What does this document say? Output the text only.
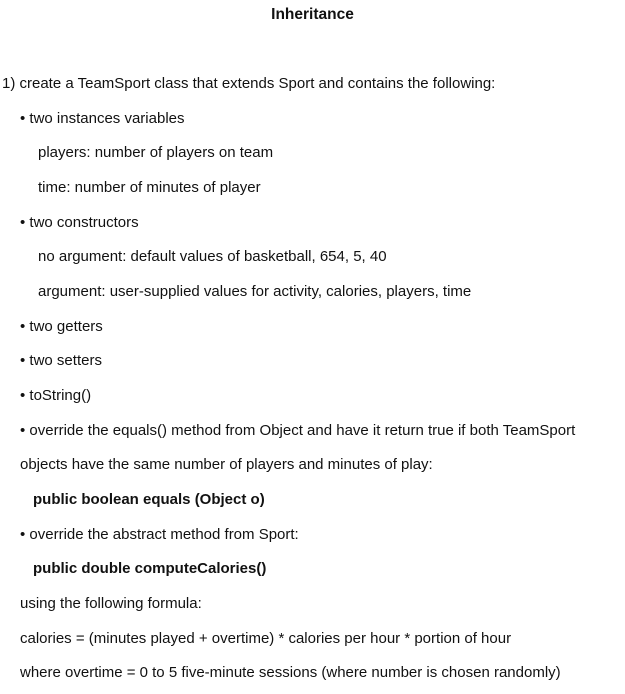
Inheritance
1) create a TeamSport class that extends Sport and contains the following:
• two instances variables
players: number of players on team
time: number of minutes of player
• two constructors
no argument: default values of basketball, 654, 5, 40
argument: user-supplied values for activity, calories, players, time
• two getters
• two setters
• toString()
• override the equals() method from Object and have it return true if both TeamSport
objects have the same number of players and minutes of play:
public boolean equals (Object o)
• override the abstract method from Sport:
public double computeCalories()
using the following formula:
calories = (minutes played + overtime) * calories per hour * portion of hour
where overtime = 0 to 5 five-minute sessions (where number is chosen randomly)
